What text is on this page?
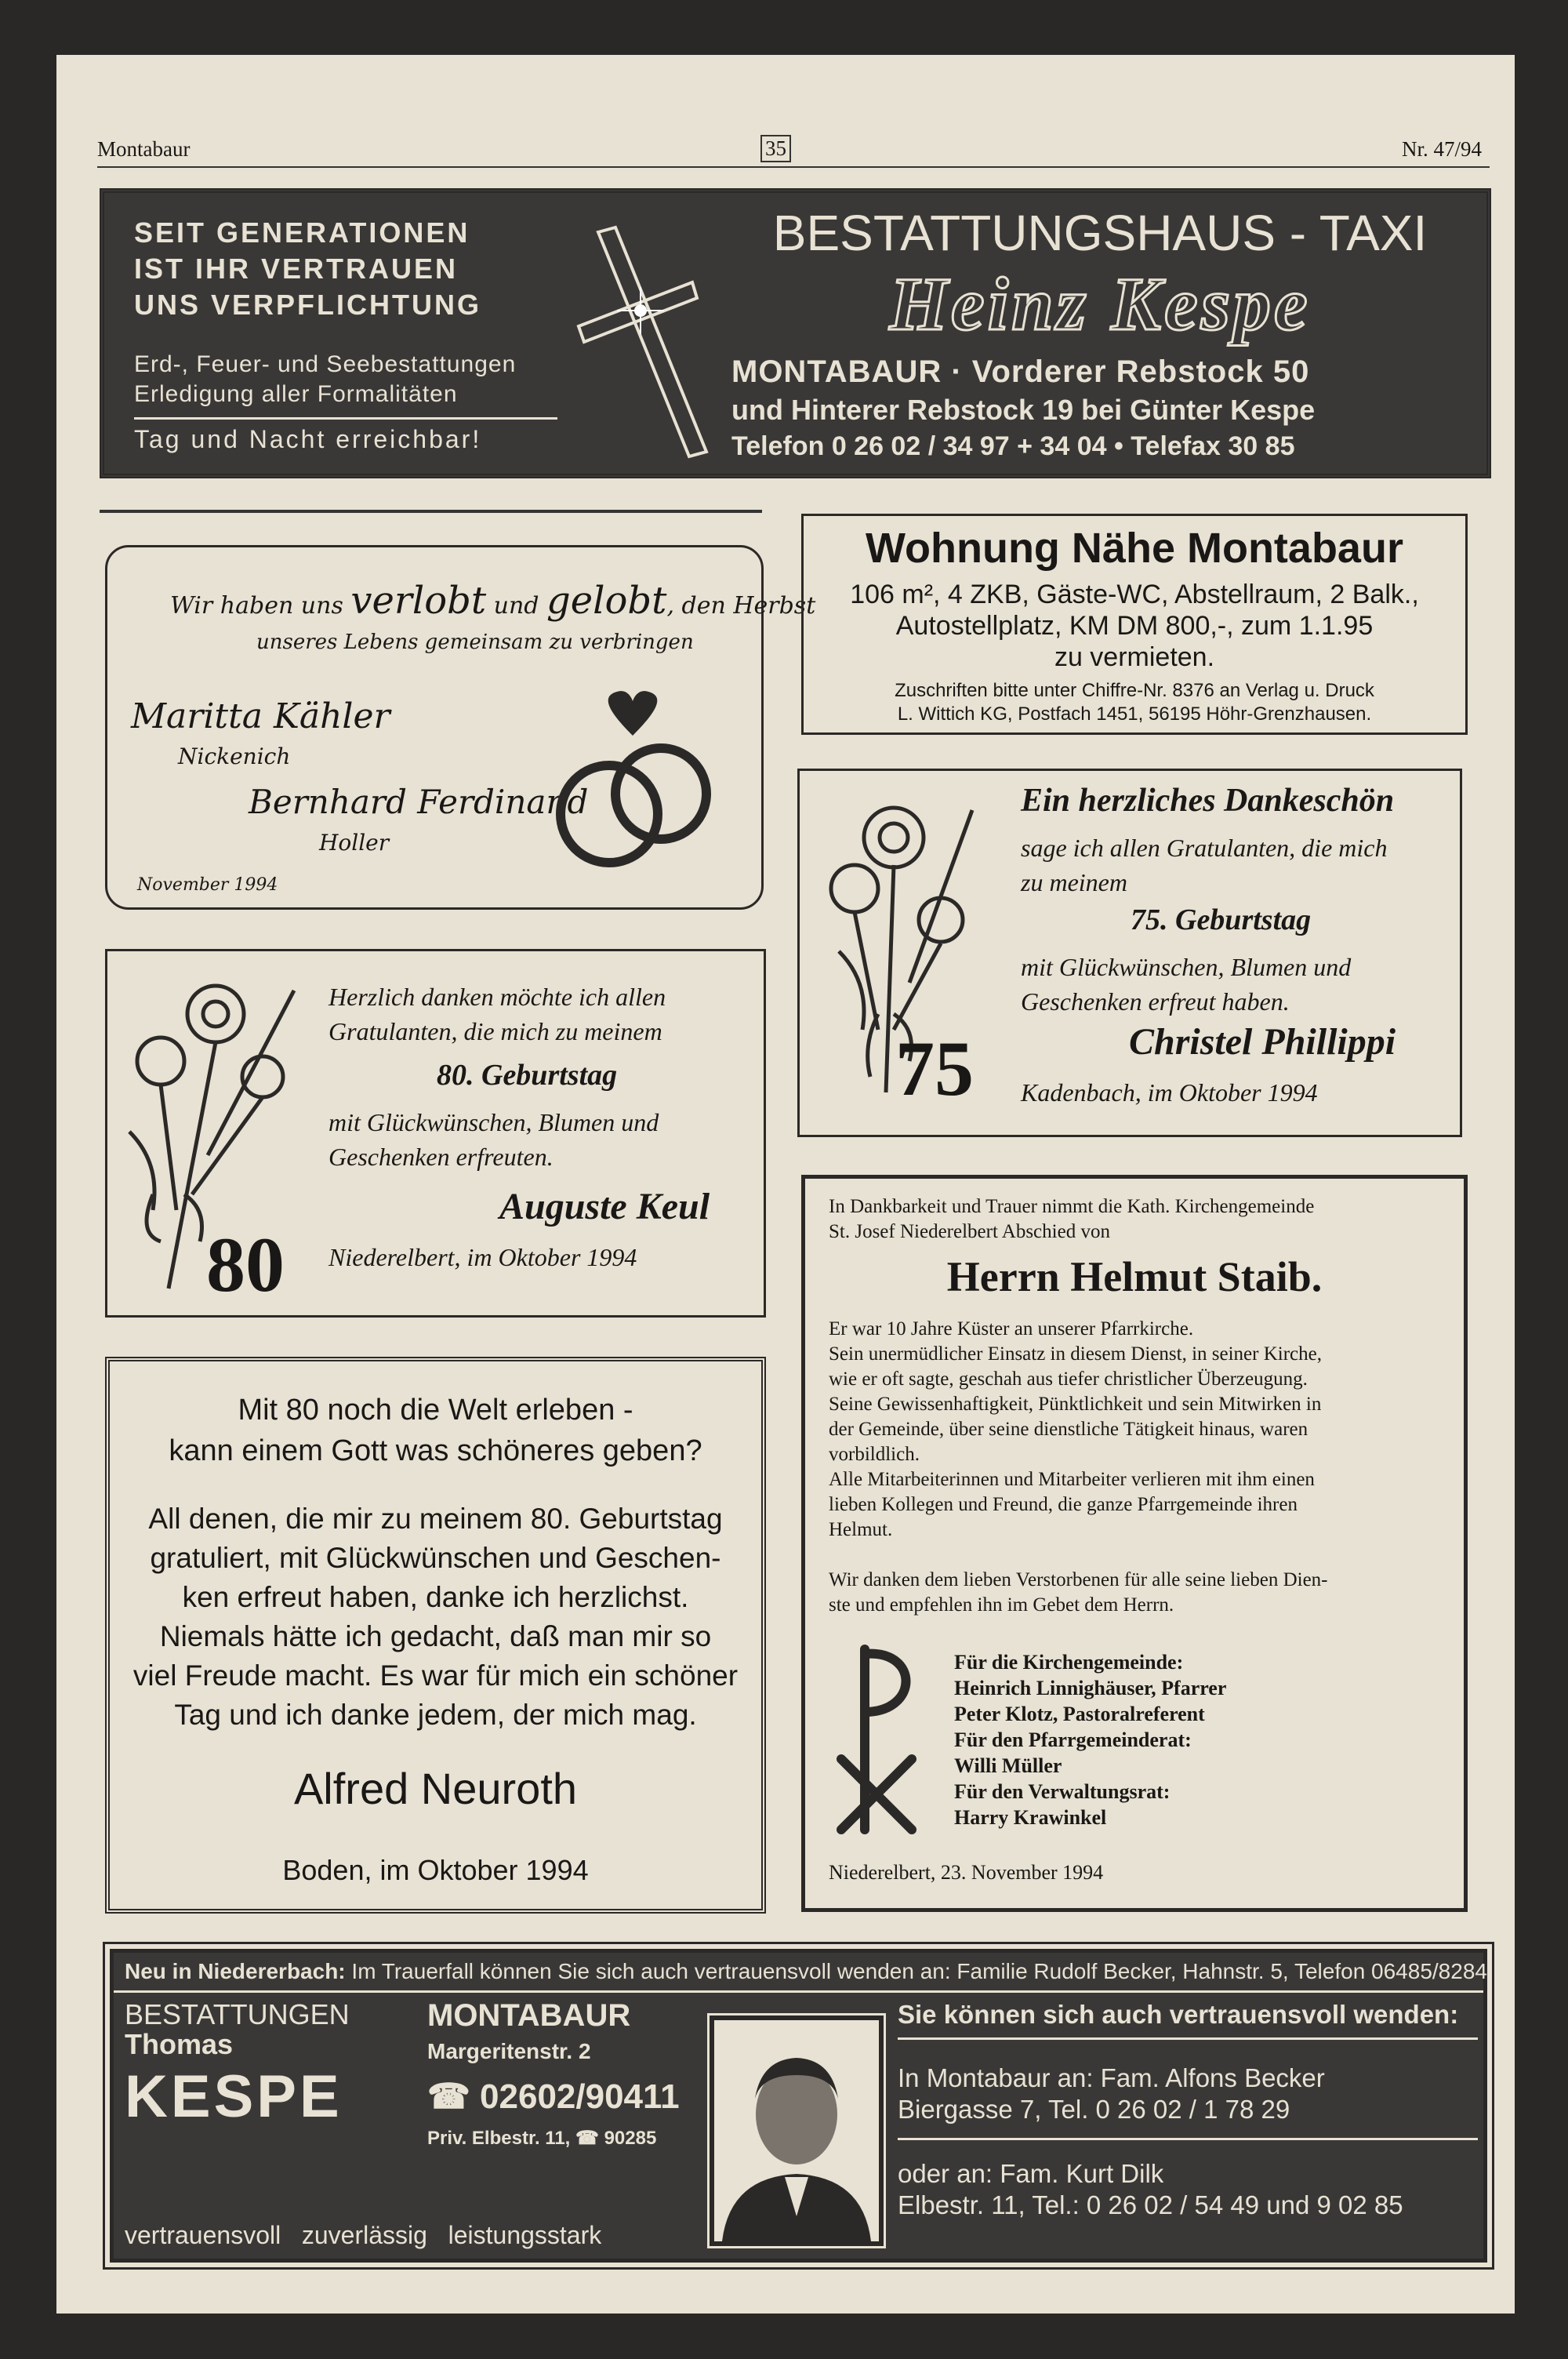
Montabaur	35	Nr. 47/94
SEIT GENERATIONEN
IST IHR VERTRAUEN
UNS VERPFLICHTUNG
Erd-, Feuer- und Seebestattungen
Erledigung aller Formalitäten
Tag und Nacht erreichbar!
BESTATTUNGSHAUS - TAXI
Heinz Kespe
MONTABAUR · Vorderer Rebstock 50
und Hinterer Rebstock 19 bei Günter Kespe
Telefon 0 26 02 / 34 97 + 34 04 • Telefax 30 85
Wir haben uns verlobt und gelobt, den Herbst
unseres Lebens gemeinsam zu verbringen
Maritta Kähler
Nickenich
Bernhard Ferdinand
Holler
November 1994
Wohnung Nähe Montabaur
106 m², 4 ZKB, Gäste-WC, Abstellraum, 2 Balk.,
Autostellplatz, KM DM 800,-, zum 1.1.95
zu vermieten.
Zuschriften bitte unter Chiffre-Nr. 8376 an Verlag u. Druck
L. Wittich KG, Postfach 1451, 56195 Höhr-Grenzhausen.
Ein herzliches Dankeschön
sage ich allen Gratulanten, die mich
zu meinem
75. Geburtstag
mit Glückwünschen, Blumen und
Geschenken erfreut haben.
75	Christel Phillippi
Kadenbach, im Oktober 1994
Herzlich danken möchte ich allen
Gratulanten, die mich zu meinem
80. Geburtstag
mit Glückwünschen, Blumen und
Geschenken erfreuten.
Auguste Keul
80 Niederelbert, im Oktober 1994
Mit 80 noch die Welt erleben -
kann einem Gott was schöneres geben?
All denen, die mir zu meinem 80. Geburtstag
gratuliert, mit Glückwünschen und Geschen-
ken erfreut haben, danke ich herzlichst.
Niemals hätte ich gedacht, daß man mir so
viel Freude macht. Es war für mich ein schöner
Tag und ich danke jedem, der mich mag.
Alfred Neuroth
Boden, im Oktober 1994
In Dankbarkeit und Trauer nimmt die Kath. Kirchengemeinde
St. Josef Niederelbert Abschied von
Herrn Helmut Staib.
Er war 10 Jahre Küster an unserer Pfarrkirche.
Sein unermüdlicher Einsatz in diesem Dienst, in seiner Kirche,
wie er oft sagte, geschah aus tiefer christlicher Überzeugung.
Seine Gewissenhaftigkeit, Pünktlichkeit und sein Mitwirken in
der Gemeinde, über seine dienstliche Tätigkeit hinaus, waren
vorbildlich.
Alle Mitarbeiterinnen und Mitarbeiter verlieren mit ihm einen
lieben Kollegen und Freund, die ganze Pfarrgemeinde ihren
Helmut.
Wir danken dem lieben Verstorbenen für alle seine lieben Dien-
ste und empfehlen ihn im Gebet dem Herrn.
Für die Kirchengemeinde:
Heinrich Linnighäuser, Pfarrer
Peter Klotz, Pastoralreferent
Für den Pfarrgemeinderat:
Willi Müller
Für den Verwaltungsrat:
Harry Krawinkel
Niederelbert, 23. November 1994
Neu in Niedererbach: Im Trauerfall können Sie sich auch vertrauensvoll wenden an: Familie Rudolf Becker, Hahnstr. 5, Telefon 06485/8284
BESTATTUNGEN
Thomas
KESPE
MONTABAUR
Margeritenstr. 2
☎ 02602/90411
Priv. Elbestr. 11, ☎ 90285
vertrauensvoll   zuverlässig   leistungsstark
Sie können sich auch vertrauensvoll wenden:
In Montabaur an: Fam. Alfons Becker
Biergasse 7, Tel. 0 26 02 / 1 78 29
oder an: Fam. Kurt Dilk
Elbestr. 11, Tel.: 0 26 02 / 54 49 und 9 02 85
